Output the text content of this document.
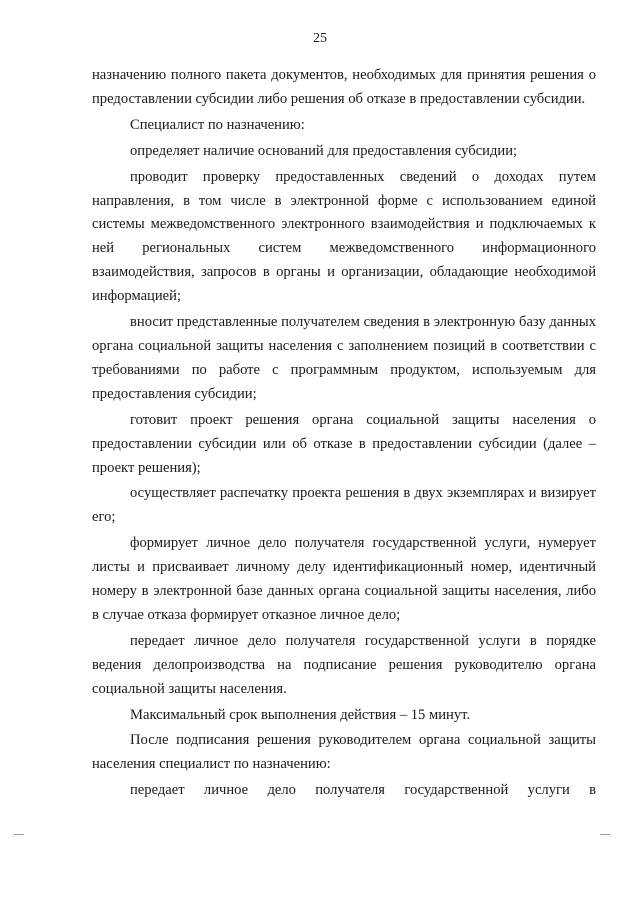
25

назначению полного пакета документов, необходимых для принятия решения о предоставлении субсидии либо решения об отказе в предоставлении субсидии.

Специалист по назначению:

определяет наличие оснований для предоставления субсидии;

проводит проверку предоставленных сведений о доходах путем направления, в том числе в электронной форме с использованием единой системы межведомственного электронного взаимодействия и подключаемых к ней региональных систем межведомственного информационного взаимодействия, запросов в органы и организации, обладающие необходимой информацией;

вносит представленные получателем сведения в электронную базу данных органа социальной защиты населения с заполнением позиций в соответствии с требованиями по работе с программным продуктом, используемым для предоставления субсидии;

готовит проект решения органа социальной защиты населения о предоставлении субсидии или об отказе в предоставлении субсидии (далее – проект решения);

осуществляет распечатку проекта решения в двух экземплярах и визирует его;

формирует личное дело получателя государственной услуги, нумерует листы и присваивает личному делу идентификационный номер, идентичный номеру в электронной базе данных органа социальной защиты населения, либо в случае отказа формирует отказное личное дело;

передает личное дело получателя государственной услуги в порядке ведения делопроизводства на подписание решения руководителю органа социальной защиты населения.

Максимальный срок выполнения действия – 15 минут.

После подписания решения руководителем органа социальной защиты населения специалист по назначению:

передает личное дело получателя государственной услуги в
